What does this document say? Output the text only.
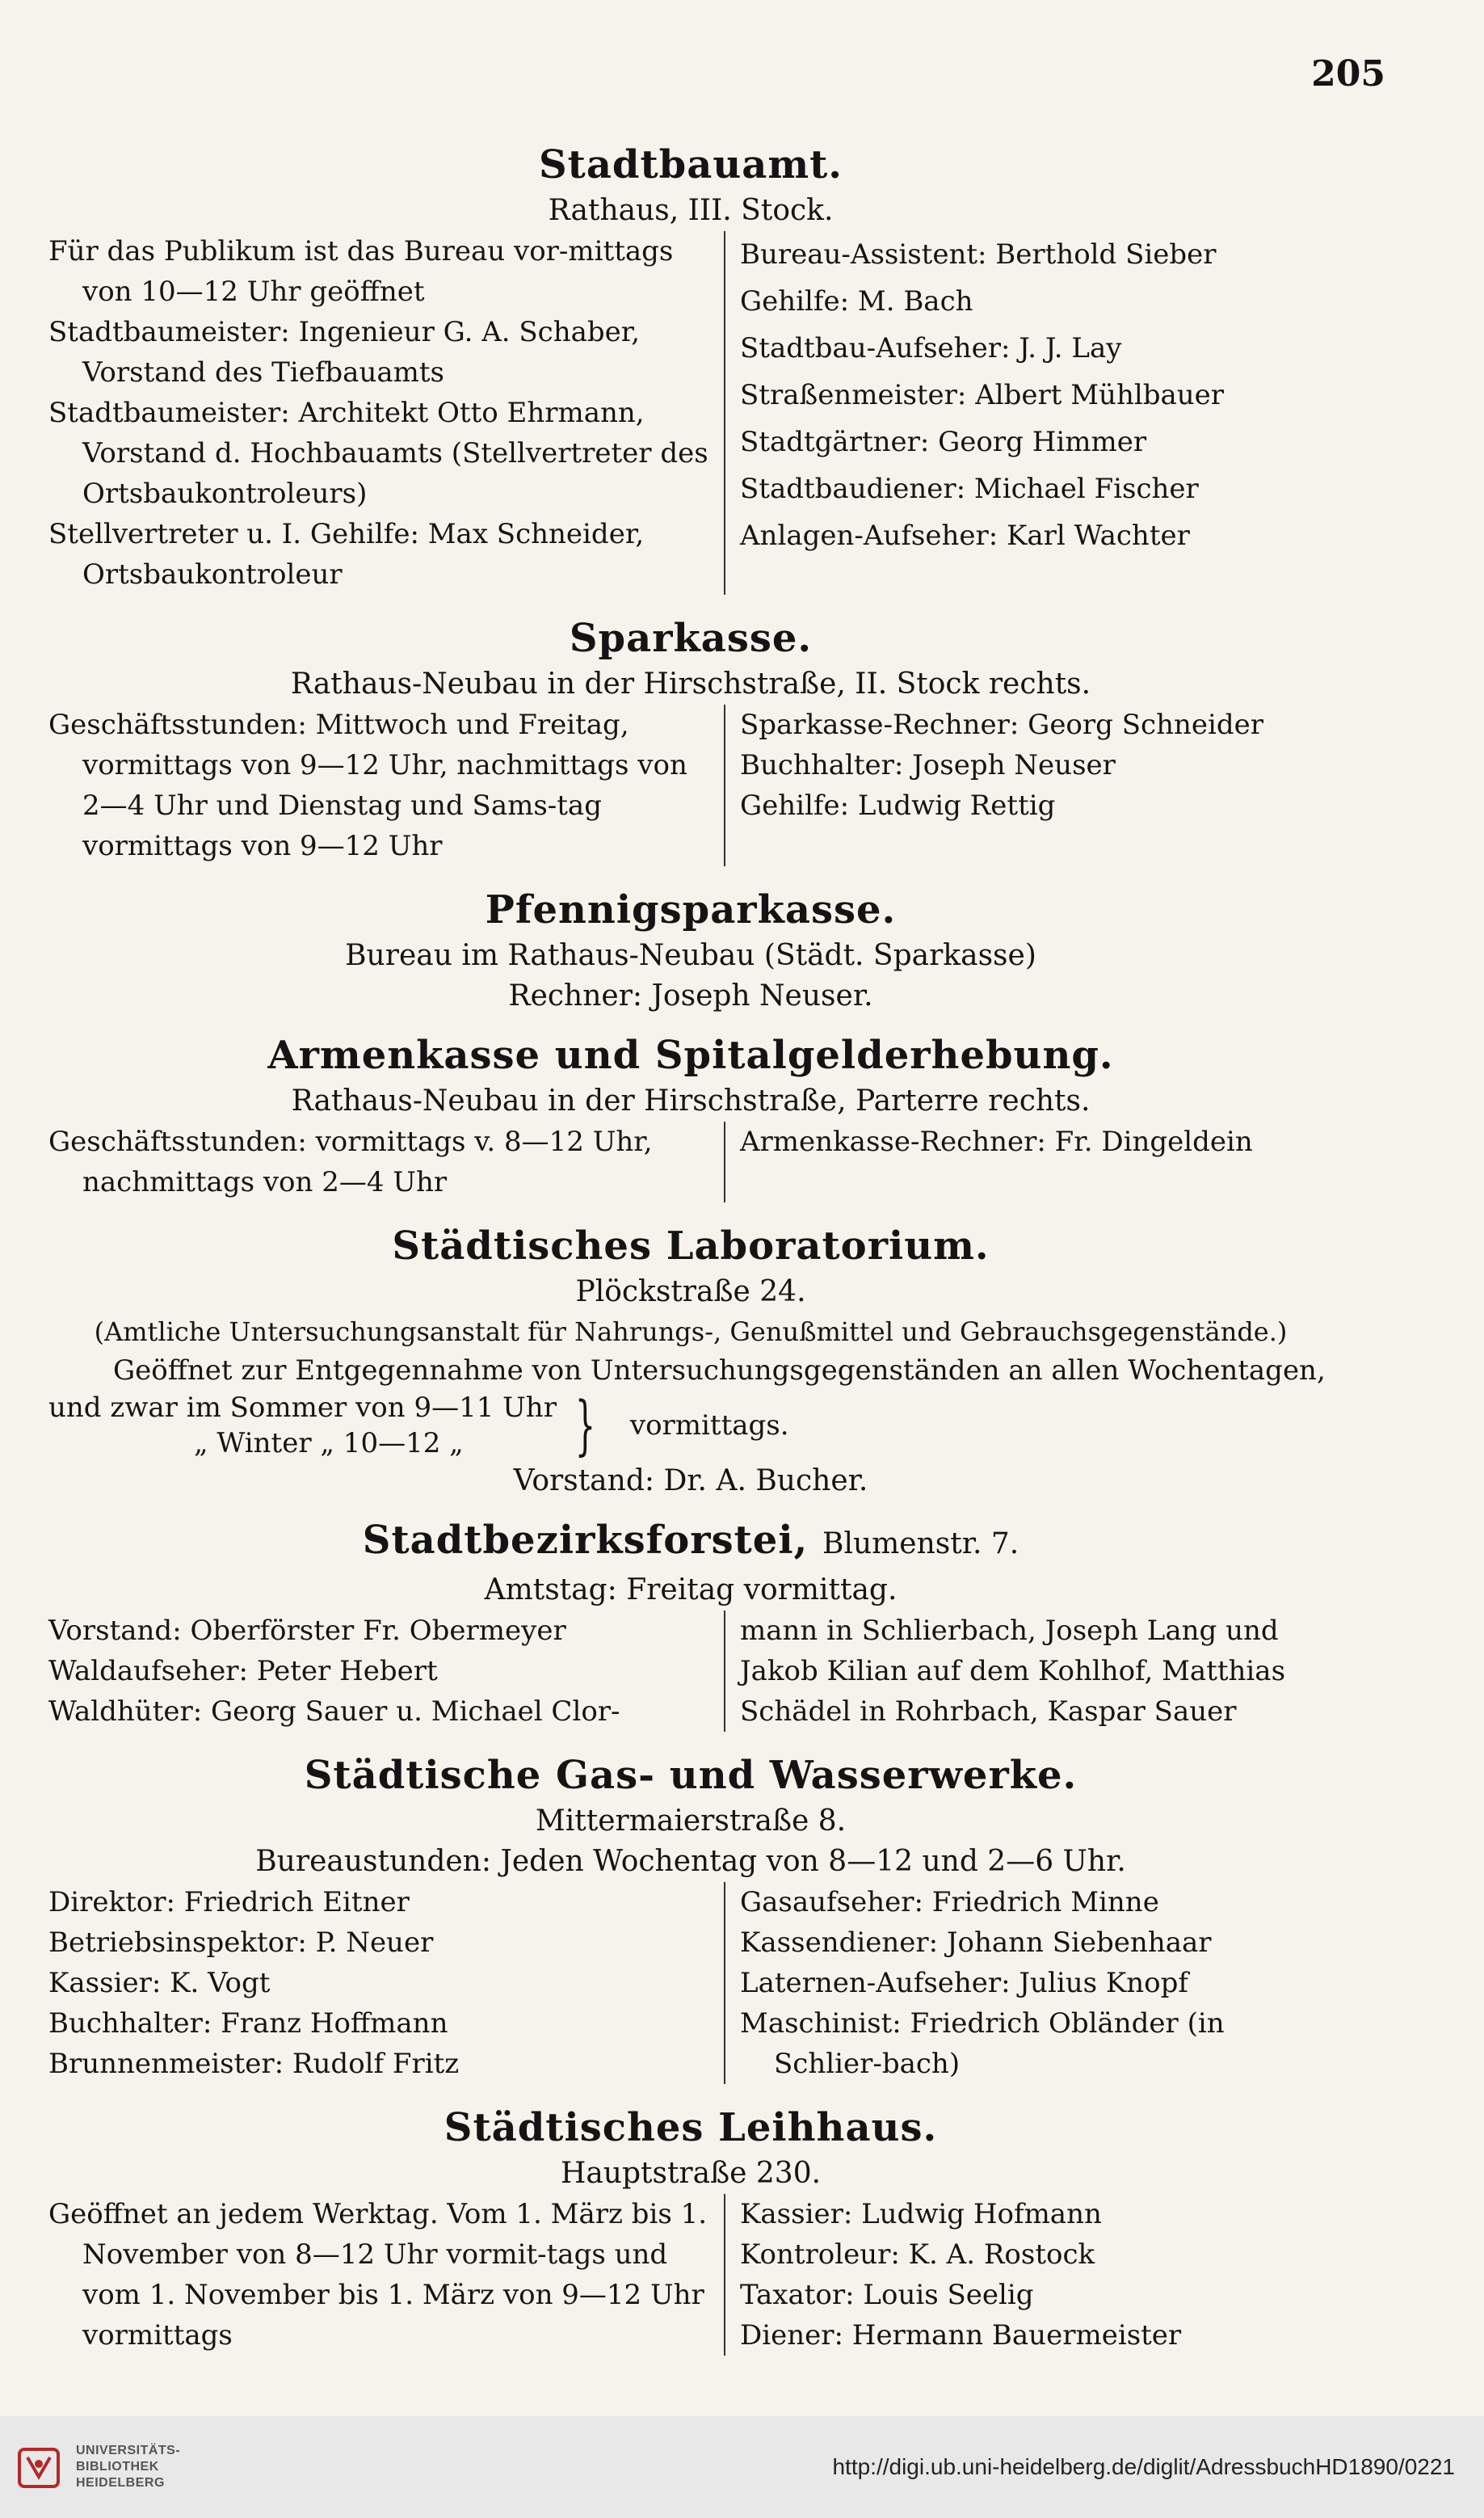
205
Stadtbauamt.

Rathaus, III. Stock.

Für das Publikum ist das Bureau vor-mittags von 10—12 Uhr geöffnet

Stadtbaumeister: Ingenieur G. A. Schaber, Vorstand des Tiefbauamts

Stadtbaumeister: Architekt Otto Ehrmann, Vorstand d. Hochbauamts (Stellvertreter des Ortsbaukontroleurs)

Stellvertreter u. I. Gehilfe: Max Schneider, Ortsbaukontroleur

Bureau-Assistent: Berthold Sieber

Gehilfe: M. Bach

Stadtbau-Aufseher: J. J. Lay

Straßenmeister: Albert Mühlbauer

Stadtgärtner: Georg Himmer

Stadtbaudiener: Michael Fischer

Anlagen-Aufseher: Karl Wachter

Sparkasse.

Rathaus-Neubau in der Hirschstraße, II. Stock rechts.

Geschäftsstunden: Mittwoch und Freitag, vormittags von 9—12 Uhr, nachmittags von 2—4 Uhr und Dienstag und Sams-tag vormittags von 9—12 Uhr

Sparkasse-Rechner: Georg Schneider

Buchhalter: Joseph Neuser

Gehilfe: Ludwig Rettig

Pfennigsparkasse.

Bureau im Rathaus-Neubau (Städt. Sparkasse)

Rechner: Joseph Neuser.

Armenkasse und Spitalgelderhebung.

Rathaus-Neubau in der Hirschstraße, Parterre rechts.

Geschäftsstunden: vormittags v. 8—12 Uhr, nachmittags von 2—4 Uhr

Armenkasse-Rechner: Fr. Dingeldein

Städtisches Laboratorium.

Plöckstraße 24.

(Amtliche Untersuchungsanstalt für Nahrungs-, Genußmittel und Gebrauchsgegenstände.)

Geöffnet zur Entgegennahme von Untersuchungsgegenständen an allen Wochentagen,

und zwar im Sommer von 9—11 Uhr

„ Winter „ 10—12 „	} vormittags.

Vorstand: Dr. A. Bucher.

Stadtbezirksforstei, Blumenstr. 7.

Amtstag: Freitag vormittag.

Vorstand: Oberförster Fr. Obermeyer

Waldaufseher: Peter Hebert

Waldhüter: Georg Sauer u. Michael Clor-

mann in Schlierbach, Joseph Lang und

Jakob Kilian auf dem Kohlhof, Matthias

Schädel in Rohrbach, Kaspar Sauer

Städtische Gas- und Wasserwerke.

Mittermaierstraße 8.

Bureaustunden: Jeden Wochentag von 8—12 und 2—6 Uhr.

Direktor: Friedrich Eitner

Betriebsinspektor: P. Neuer

Kassier: K. Vogt

Buchhalter: Franz Hoffmann

Brunnenmeister: Rudolf Fritz

Gasaufseher: Friedrich Minne

Kassendiener: Johann Siebenhaar

Laternen-Aufseher: Julius Knopf

Maschinist: Friedrich Obländer (in Schlier-bach)

Städtisches Leihhaus.

Hauptstraße 230.

Geöffnet an jedem Werktag. Vom 1. März bis 1. November von 8—12 Uhr vormit-tags und vom 1. November bis 1. März von 9—12 Uhr vormittags

Kassier: Ludwig Hofmann

Kontroleur: K. A. Rostock

Taxator: Louis Seelig

Diener: Hermann Bauermeister

UNIVERSITÄTS-
BIBLIOTHEK
HEIDELBERG
http://digi.ub.uni-heidelberg.de/diglit/AdressbuchHD1890/0221
